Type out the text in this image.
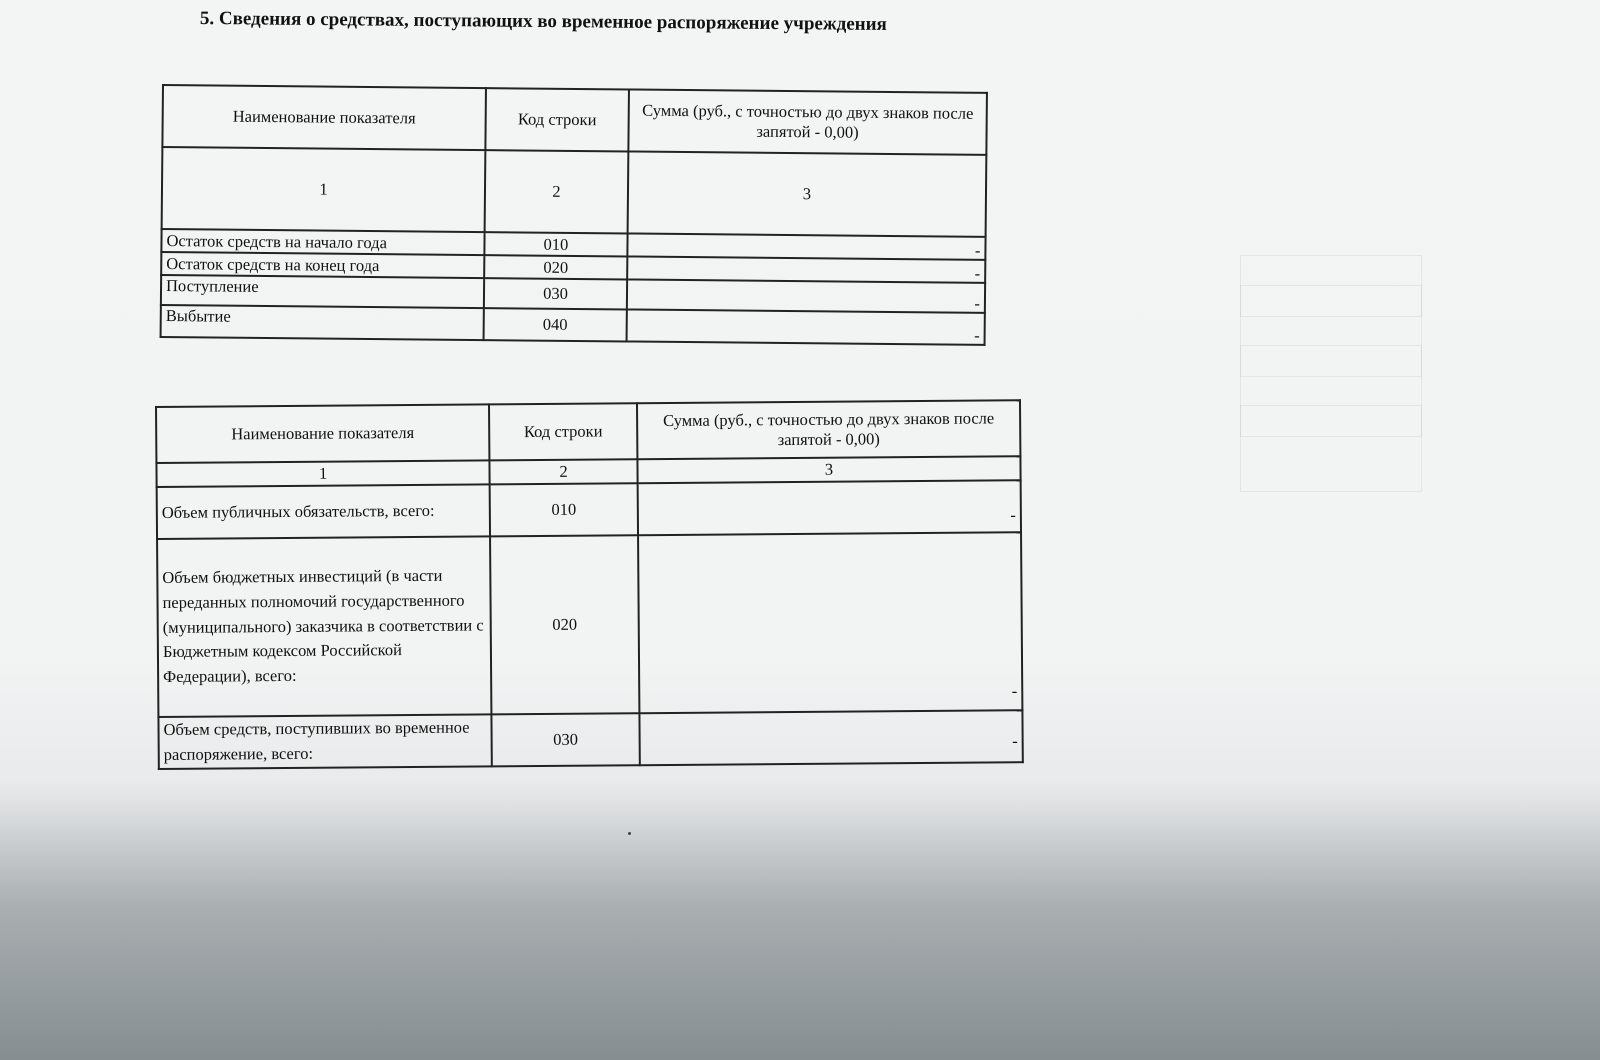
5. Сведения о средствах, поступающих во временное распоряжение учреждения
Наименование показателя	Код строки	Сумма (руб., с точностью до двух знаков после запятой - 0,00)
1	2	3
Остаток средств на начало года	010	-
Остаток средств на конец года	020	-
Поступление	030	-
Выбытие	040	-
Наименование показателя	Код строки	Сумма (руб., с точностью до двух знаков после запятой - 0,00)
1	2	3
Объем публичных обязательств, всего:	010	-
Объем бюджетных инвестиций (в части переданных полномочий государственного (муниципального) заказчика в соответствии с Бюджетным кодексом Российской Федерации), всего:	020	-
Объем средств, поступивших во временное распоряжение, всего:	030	-
